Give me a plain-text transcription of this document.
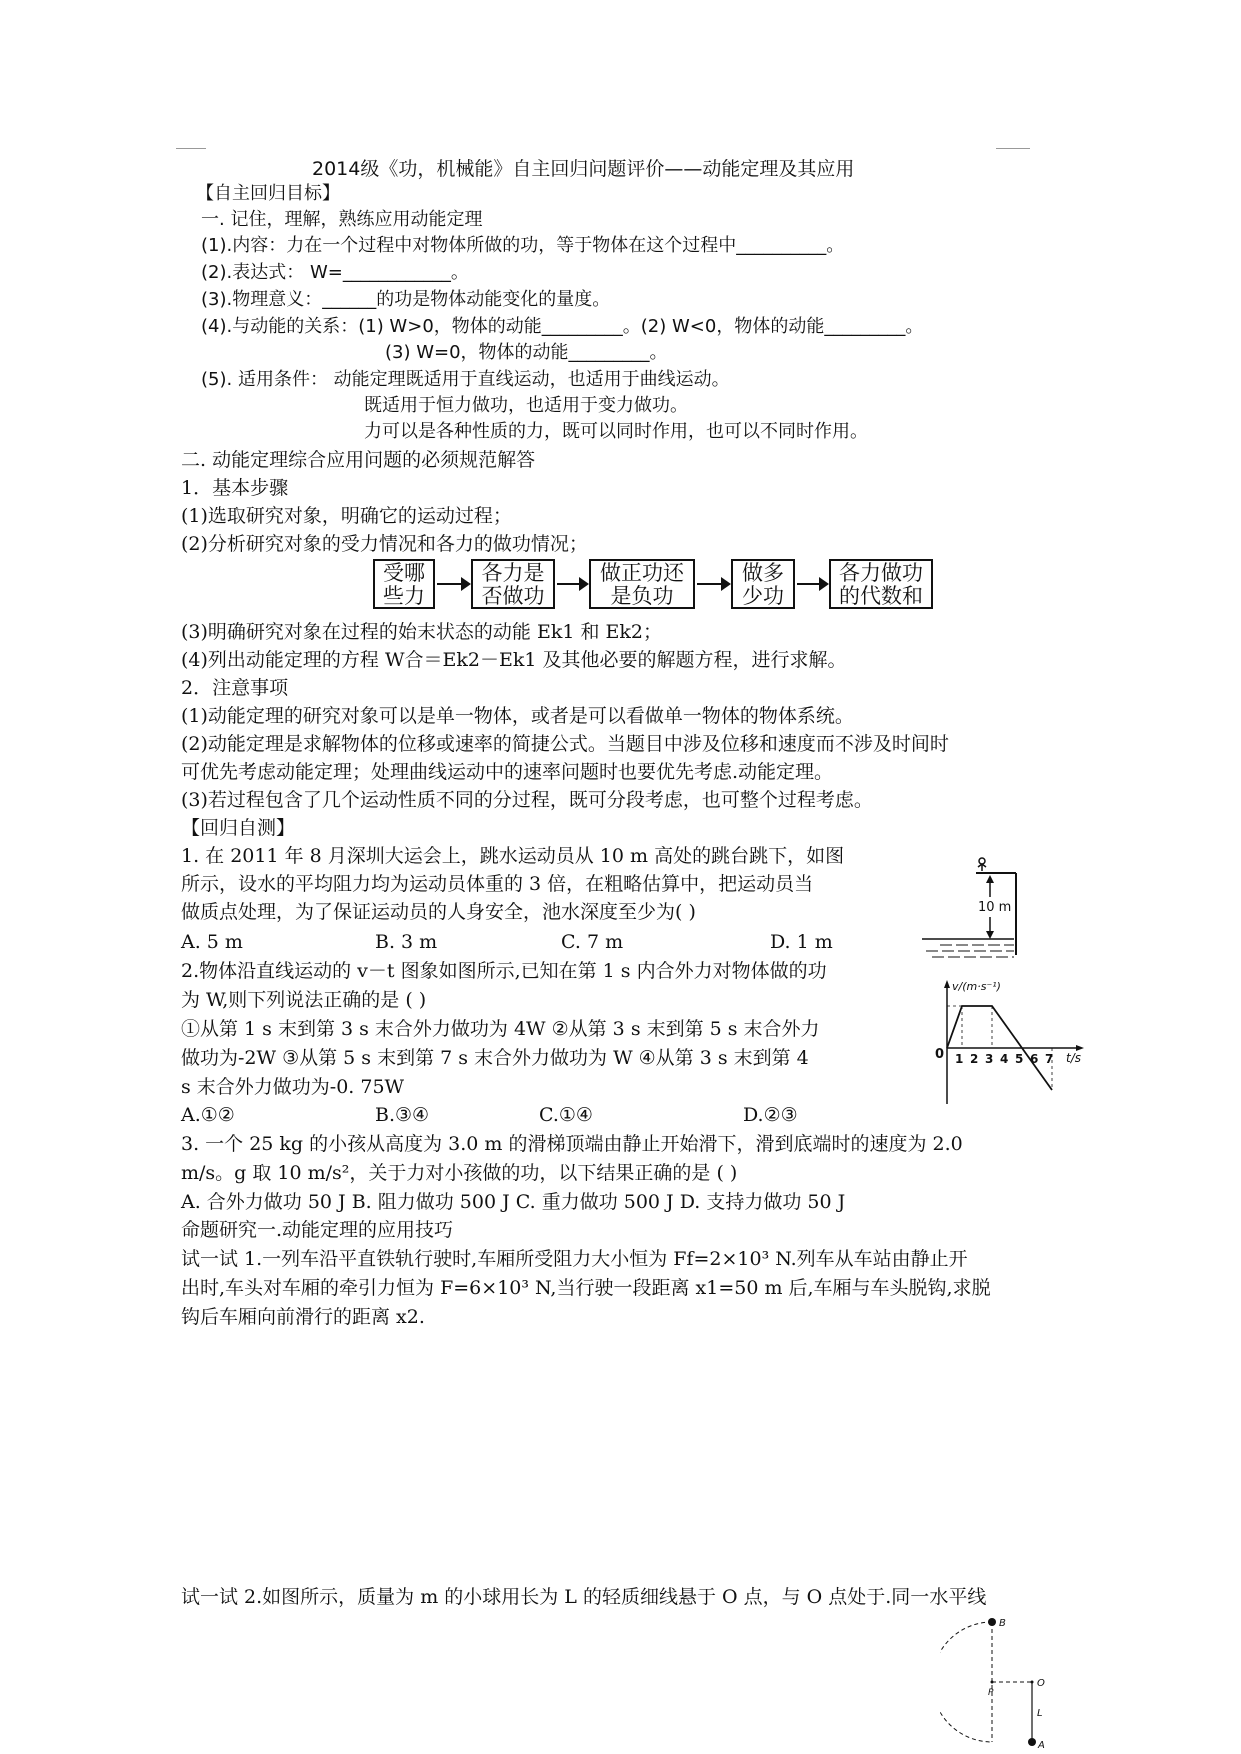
2014级《功，机械能》自主回归问题评价——动能定理及其应用
【自主回归目标】
一. 记住，理解，熟练应用动能定理
(1).内容：力在一个过程中对物体所做的功，等于物体在这个过程中__________。
(2).表达式： W=____________。
(3).物理意义：______的功是物体动能变化的量度。
(4).与动能的关系：(1) W>0，物体的动能_________。(2) W<0，物体的动能_________。
(3) W=0，物体的动能_________。
(5). 适用条件： 动能定理既适用于直线运动，也适用于曲线运动。
既适用于恒力做功，也适用于变力做功。
力可以是各种性质的力，既可以同时作用，也可以不同时作用。
二. 动能定理综合应用问题的必须规范解答
1．基本步骤
(1)选取研究对象，明确它的运动过程；
(2)分析研究对象的受力情况和各力的做功情况；
受哪
些力
各力是
否做功
做正功还
是负功
做多
少功
各力做功
的代数和
(3)明确研究对象在过程的始末状态的动能 Ek1 和 Ek2；
(4)列出动能定理的方程 W合＝Ek2－Ek1 及其他必要的解题方程，进行求解。
2．注意事项
(1)动能定理的研究对象可以是单一物体，或者是可以看做单一物体的物体系统。
(2)动能定理是求解物体的位移或速率的简捷公式。当题目中涉及位移和速度而不涉及时间时
可优先考虑动能定理；处理曲线运动中的速率问题时也要优先考虑.动能定理。
(3)若过程包含了几个运动性质不同的分过程，既可分段考虑，也可整个过程考虑。
【回归自测】
1. 在 2011 年 8 月深圳大运会上，跳水运动员从 10 m 高处的跳台跳下，如图
所示，设水的平均阻力均为运动员体重的 3 倍，在粗略估算中，把运动员当
做质点处理，为了保证运动员的人身安全，池水深度至少为( )
A. 5 m	B. 3 m	C. 7 m	D. 1 m
10 m
2.物体沿直线运动的 v－t 图象如图所示,已知在第 1 s 内合外力对物体做的功
为 W,则下列说法正确的是 ( )
①从第 1 s 末到第 3 s 末合外力做功为 4W ②从第 3 s 末到第 5 s 末合外力
做功为-2W ③从第 5 s 末到第 7 s 末合外力做功为 W ④从第 3 s 末到第 4
s 末合外力做功为-0. 75W
A.①②	B.③④	C.①④	D.②③
v/(m·s⁻¹)
t/s
0 1 2 3 4 5 6 7
3. 一个 25 kg 的小孩从高度为 3.0 m 的滑梯顶端由静止开始滑下，滑到底端时的速度为 2.0
m/s。g 取 10 m/s²，关于力对小孩做的功，以下结果正确的是 ( )
A. 合外力做功 50 J B. 阻力做功 500 J C. 重力做功 500 J D. 支持力做功 50 J
命题研究一.动能定理的应用技巧
试一试 1.一列车沿平直铁轨行驶时,车厢所受阻力大小恒为 Ff=2×10³ N.列车从车站由静止开
出时,车头对车厢的牵引力恒为 F=6×10³ N,当行驶一段距离 x1=50 m 后,车厢与车头脱钩,求脱
钩后车厢向前滑行的距离 x2.
试一试 2.如图所示，质量为 m 的小球用长为 L 的轻质细线悬于 O 点，与 O 点处于.同一水平线
B
O
P
L
A
